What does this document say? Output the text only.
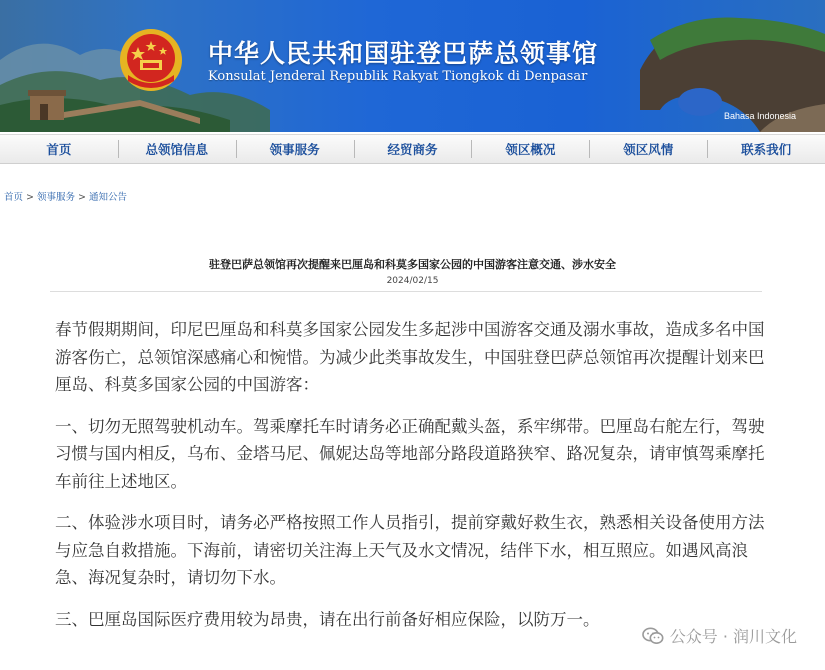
中华人民共和国驻登巴萨总领事馆
Konsulat Jenderal Republik Rakyat Tiongkok di Denpasar
Bahasa Indonesia
首页	总领馆信息	领事服务	经贸商务	领区概况	领区风情	联系我们
首页 > 领事服务 > 通知公告
驻登巴萨总领馆再次提醒来巴厘岛和科莫多国家公园的中国游客注意交通、涉水安全
2024/02/15

春节假期期间，印尼巴厘岛和科莫多国家公园发生多起涉中国游客交通及溺水事故，造成多名中国游客伤亡，总领馆深感痛心和惋惜。为减少此类事故发生，中国驻登巴萨总领馆再次提醒计划来巴厘岛、科莫多国家公园的中国游客：

一、切勿无照驾驶机动车。驾乘摩托车时请务必正确配戴头盔，系牢绑带。巴厘岛右舵左行，驾驶习惯与国内相反，乌布、金塔马尼、佩妮达岛等地部分路段道路狭窄、路况复杂，请审慎驾乘摩托车前往上述地区。

二、体验涉水项目时，请务必严格按照工作人员指引，提前穿戴好救生衣，熟悉相关设备使用方法与应急自救措施。下海前，请密切关注海上天气及水文情况，结伴下水，相互照应。如遇风高浪急、海况复杂时，请切勿下水。

三、巴厘岛国际医疗费用较为昂贵，请在出行前备好相应保险，以防万一。

公众号 · 润川文化
